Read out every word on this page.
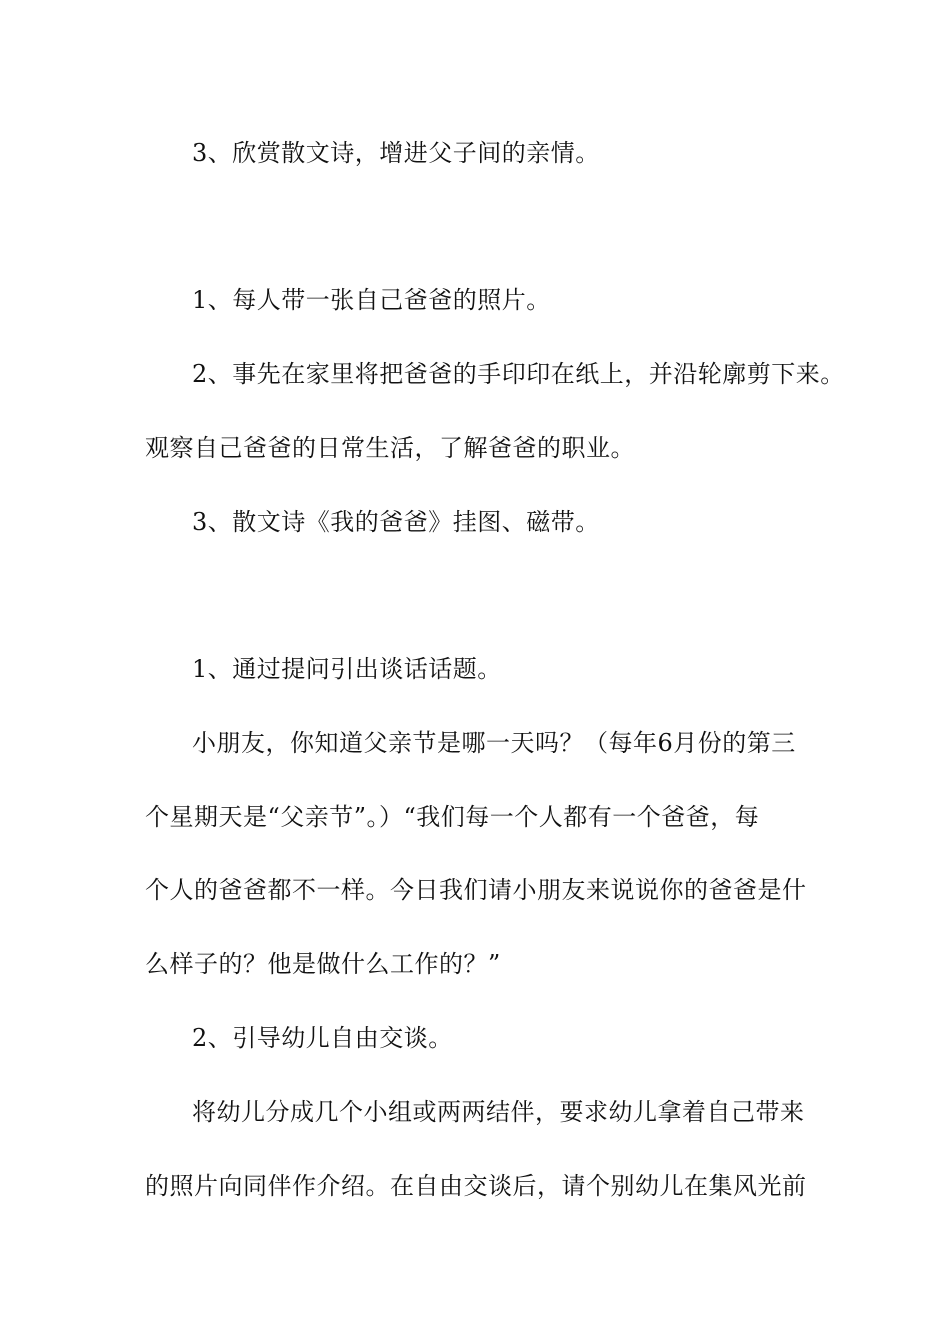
3、欣赏散文诗，增进父子间的亲情。
1、每人带一张自己爸爸的照片。
2、事先在家里将把爸爸的手印印在纸上，并沿轮廓剪下来。
观察自己爸爸的日常生活，了解爸爸的职业。
3、散文诗《我的爸爸》挂图、磁带。
1、通过提问引出谈话话题。
小朋友，你知道父亲节是哪一天吗？（每年6月份的第三
个星期天是“父亲节”。）“我们每一个人都有一个爸爸，每
个人的爸爸都不一样。今日我们请小朋友来说说你的爸爸是什
么样子的？他是做什么工作的？”
2、引导幼儿自由交谈。
将幼儿分成几个小组或两两结伴，要求幼儿拿着自己带来
的照片向同伴作介绍。在自由交谈后，请个别幼儿在集风光前
